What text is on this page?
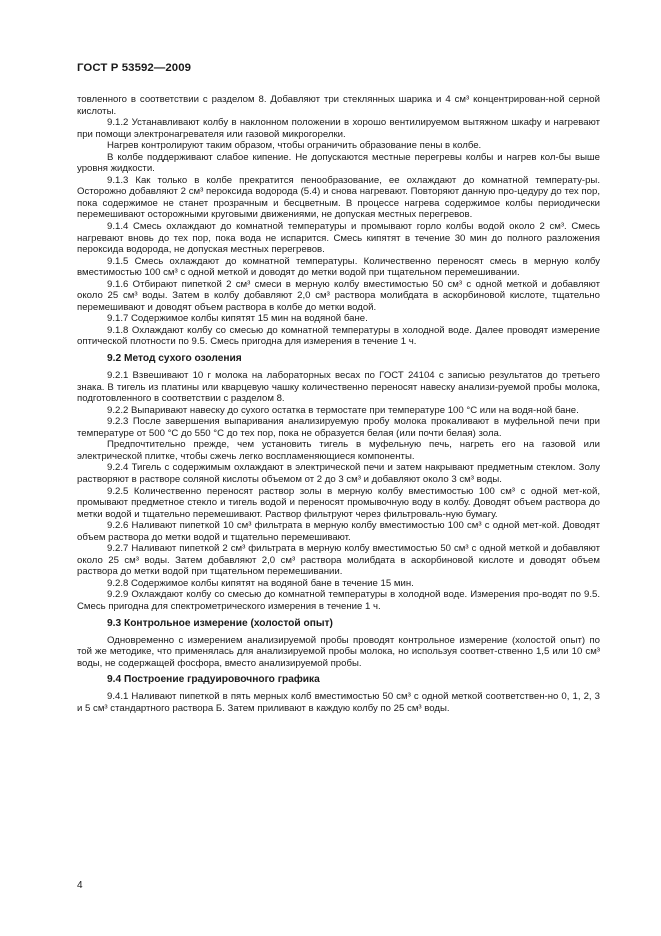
ГОСТ Р 53592—2009

товленного в соответствии с разделом 8. Добавляют три стеклянных шарика и 4 см³ концентрирован-ной серной кислоты.

9.1.2 Устанавливают колбу в наклонном положении в хорошо вентилируемом вытяжном шкафу и нагревают при помощи электронагревателя или газовой микрогорелки.

Нагрев контролируют таким образом, чтобы ограничить образование пены в колбе.

В колбе поддерживают слабое кипение. Не допускаются местные перегревы колбы и нагрев кол-бы выше уровня жидкости.

9.1.3 Как только в колбе прекратится пенообразование, ее охлаждают до комнатной температу-ры. Осторожно добавляют 2 см³ пероксида водорода (5.4) и снова нагревают. Повторяют данную про-цедуру до тех пор, пока содержимое не станет прозрачным и бесцветным. В процессе нагрева содержимое колбы периодически перемешивают осторожными круговыми движениями, не допуская местных перегревов.

9.1.4 Смесь охлаждают до комнатной температуры и промывают горло колбы водой около 2 см³. Смесь нагревают вновь до тех пор, пока вода не испарится. Смесь кипятят в течение 30 мин до полного разложения пероксида водорода, не допуская местных перегревов.

9.1.5 Смесь охлаждают до комнатной температуры. Количественно переносят смесь в мерную колбу вместимостью 100 см³ с одной меткой и доводят до метки водой при тщательном перемешивании.

9.1.6 Отбирают пипеткой 2 см³ смеси в мерную колбу вместимостью 50 см³ с одной меткой и добавляют около 25 см³ воды. Затем в колбу добавляют 2,0 см³ раствора молибдата в аскорбиновой кислоте, тщательно перемешивают и доводят объем раствора в колбе до метки водой.

9.1.7 Содержимое колбы кипятят 15 мин на водяной бане.

9.1.8 Охлаждают колбу со смесью до комнатной температуры в холодной воде. Далее проводят измерение оптической плотности по 9.5. Смесь пригодна для измерения в течение 1 ч.

9.2 Метод сухого озоления

9.2.1 Взвешивают 10 г молока на лабораторных весах по ГОСТ 24104 с записью результатов до третьего знака. В тигель из платины или кварцевую чашку количественно переносят навеску анализи-руемой пробы молока, подготовленного в соответствии с разделом 8.

9.2.2 Выпаривают навеску до сухого остатка в термостате при температуре 100 °C или на водя-ной бане.

9.2.3 После завершения выпаривания анализируемую пробу молока прокаливают в муфельной печи при температуре от 500 °C до 550 °C до тех пор, пока не образуется белая (или почти белая) зола.

Предпочтительно прежде, чем установить тигель в муфельную печь, нагреть его на газовой или электрической плитке, чтобы сжечь легко воспламеняющиеся компоненты.

9.2.4 Тигель с содержимым охлаждают в электрической печи и затем накрывают предметным стеклом. Золу растворяют в растворе соляной кислоты объемом от 2 до 3 см³ и добавляют около 3 см³ воды.

9.2.5 Количественно переносят раствор золы в мерную колбу вместимостью 100 см³ с одной мет-кой, промывают предметное стекло и тигель водой и переносят промывочную воду в колбу. Доводят объем раствора до метки водой и тщательно перемешивают. Раствор фильтруют через фильтроваль-ную бумагу.

9.2.6 Наливают пипеткой 10 см³ фильтрата в мерную колбу вместимостью 100 см³ с одной мет-кой. Доводят объем раствора до метки водой и тщательно перемешивают.

9.2.7 Наливают пипеткой 2 см³ фильтрата в мерную колбу вместимостью 50 см³ с одной меткой и добавляют около 25 см³ воды. Затем добавляют 2,0 см³ раствора молибдата в аскорбиновой кислоте и доводят объем раствора до метки водой при тщательном перемешивании.

9.2.8 Содержимое колбы кипятят на водяной бане в течение 15 мин.

9.2.9 Охлаждают колбу со смесью до комнатной температуры в холодной воде. Измерения про-водят по 9.5. Смесь пригодна для спектрометрического измерения в течение 1 ч.

9.3 Контрольное измерение (холостой опыт)

Одновременно с измерением анализируемой пробы проводят контрольное измерение (холостой опыт) по той же методике, что применялась для анализируемой пробы молока, но используя соответ-ственно 1,5 или 10 см³ воды, не содержащей фосфора, вместо анализируемой пробы.

9.4 Построение градуировочного графика

9.4.1 Наливают пипеткой в пять мерных колб вместимостью 50 см³ с одной меткой соответствен-но 0, 1, 2, 3 и 5 см³ стандартного раствора Б. Затем приливают в каждую колбу по 25 см³ воды.

4
